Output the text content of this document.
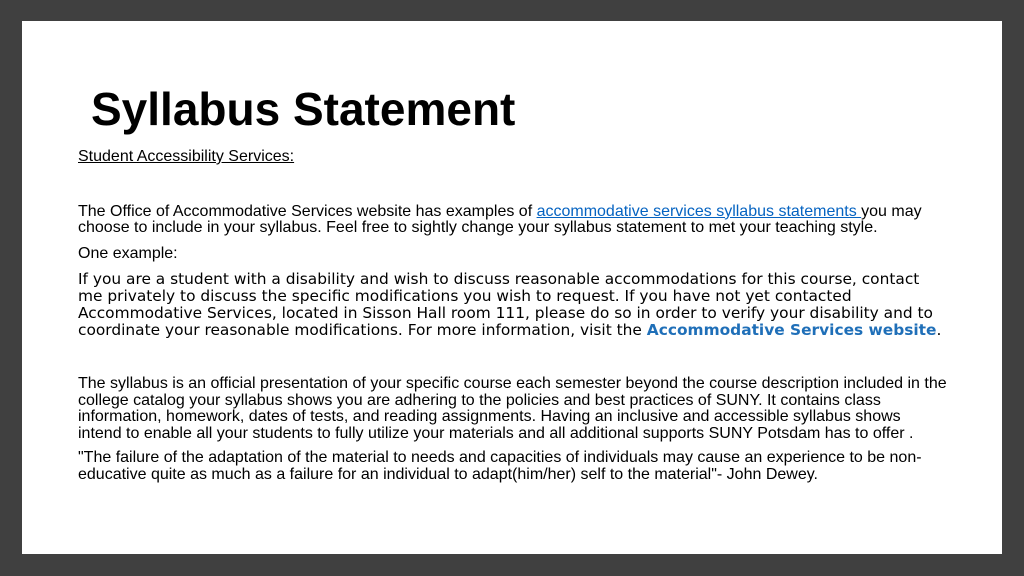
Syllabus Statement

Student Accessibility Services:

The Office of Accommodative Services website has examples of accommodative services syllabus statements you may choose to include in your syllabus. Feel free to sightly change your syllabus statement to met your teaching style.

One example:

If you are a student with a disability and wish to discuss reasonable accommodations for this course, contact me privately to discuss the specific modifications you wish to request. If you have not yet contacted Accommodative Services, located in Sisson Hall room 111, please do so in order to verify your disability and to coordinate your reasonable modifications. For more information, visit the Accommodative Services website.

The syllabus is an official presentation of your specific course each semester beyond the course description included in the college catalog your syllabus shows you are adhering to the policies and best practices of SUNY. It contains class information, homework, dates of tests, and reading assignments. Having an inclusive and accessible syllabus shows intend to enable all your students to fully utilize your materials and all additional supports SUNY Potsdam has to offer .

"The failure of the adaptation of the material to needs and capacities of individuals may cause an experience to be non-educative quite as much as a failure for an individual to adapt(him/her) self to the material"- John Dewey.
